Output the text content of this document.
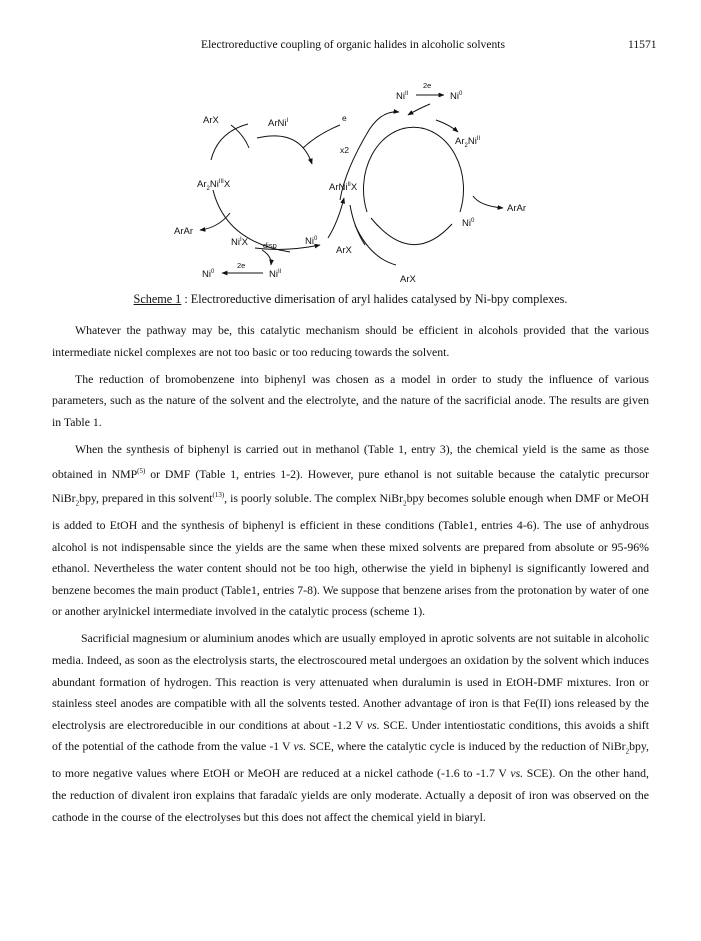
Electroreductive coupling of organic halides in alcoholic solvents	11571
$Ni^{II}$
2e
Ni$^0$
ArX	ArNi$^I$	e
$Ar_2Ni^{II}$
x2
$Ar_2Ni^{III}X$	ArNi$^{II}$X
ArAr
ArAr
Ni$^0$
$Ni^IX$ disp	Ni$^0$
ArX
2e
Ni$^0$	$Ni^{II}$
ArX
Scheme 1 : Electroreductive dimerisation of aryl halides catalysed by Ni-bpy complexes.

Whatever the pathway may be, this catalytic mechanism should be efficient in alcohols provided that the various intermediate nickel complexes are not too basic or too reducing towards the solvent.

The reduction of bromobenzene into biphenyl was chosen as a model in order to study the influence of various parameters, such as the nature of the solvent and the electrolyte, and the nature of the sacrificial anode. The results are given in Table 1.

When the synthesis of biphenyl is carried out in methanol (Table 1, entry 3), the chemical yield is the same as those obtained in NMP$^{(5)}$ or DMF (Table 1, entries 1-2). However, pure ethanol is not suitable because the catalytic precursor NiBr$_2$bpy, prepared in this solvent$^{(13)}$, is poorly soluble. The complex NiBr$_2$bpy becomes soluble enough when DMF or MeOH is added to EtOH and the synthesis of biphenyl is efficient in these conditions (Table1, entries 4-6). The use of anhydrous alcohol is not indispensable since the yields are the same when these mixed solvents are prepared from absolute or 95-96% ethanol. Nevertheless the water content should not be too high, otherwise the yield in biphenyl is significantly lowered and benzene becomes the main product (Table1, entries 7-8). We suppose that benzene arises from the protonation by water of one or another arylnickel intermediate involved in the catalytic process (scheme 1).

Sacrificial magnesium or aluminium anodes which are usually employed in aprotic solvents are not suitable in alcoholic media. Indeed, as soon as the electrolysis starts, the electroscoured metal undergoes an oxidation by the solvent which induces abundant formation of hydrogen. This reaction is very attenuated when duralumin is used in EtOH-DMF mixtures. Iron or stainless steel anodes are compatible with all the solvents tested. Another advantage of iron is that Fe(II) ions released by the electrolysis are electroreducible in our conditions at about -1.2 V vs. SCE. Under intentiostatic conditions, this avoids a shift of the potential of the cathode from the value -1 V vs. SCE, where the catalytic cycle is induced by the reduction of NiBr$_2$bpy, to more negative values where EtOH or MeOH are reduced at a nickel cathode (-1.6 to -1.7 V vs. SCE). On the other hand, the reduction of divalent iron explains that faradaïc yields are only moderate. Actually a deposit of iron was observed on the cathode in the course of the electrolyses but this does not affect the chemical yield in biaryl.
